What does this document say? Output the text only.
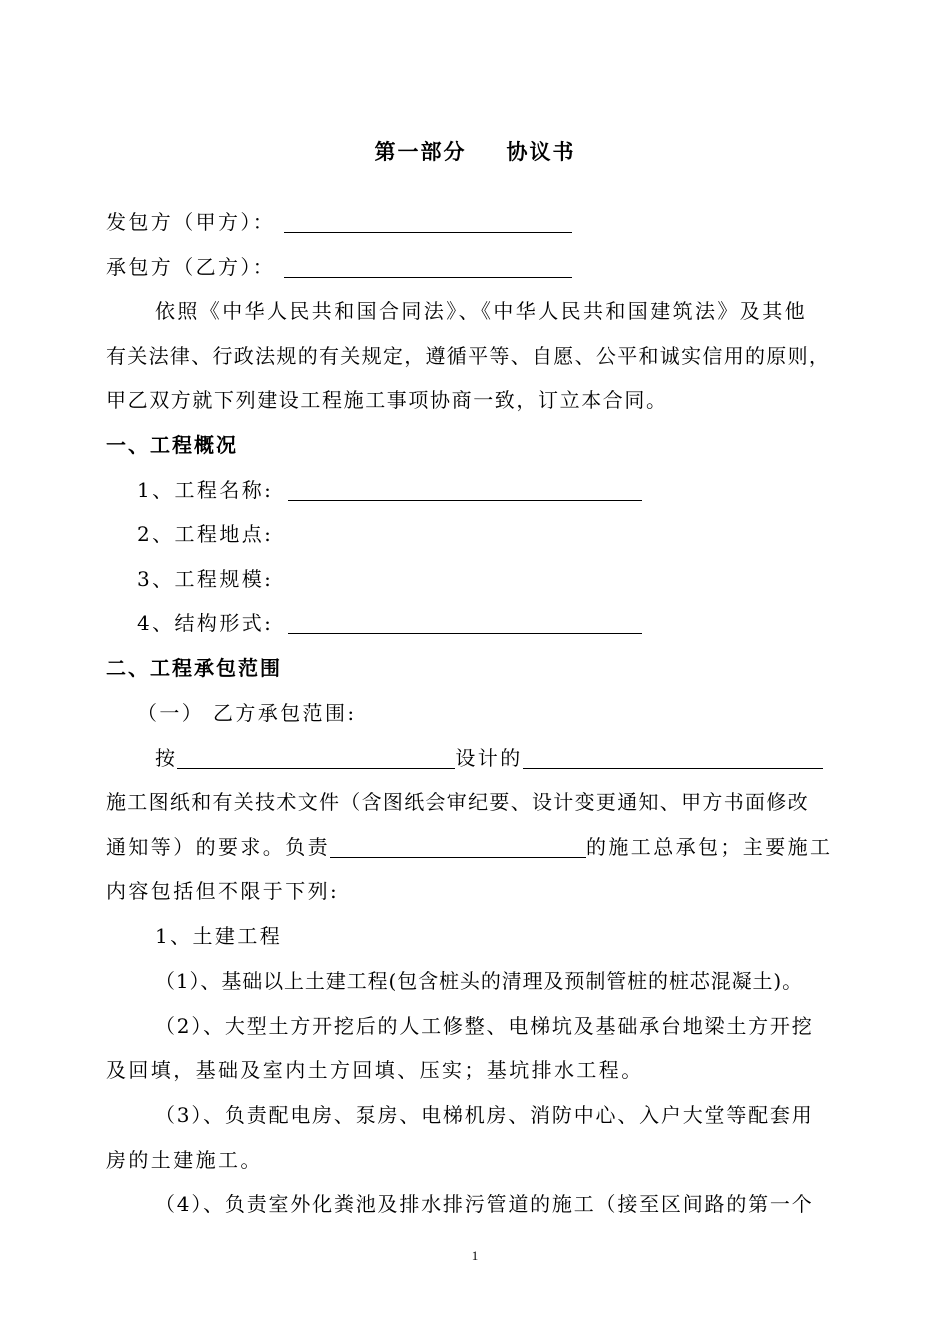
第一部分 协议书
发包方（甲方）：
承包方（乙方）：
依照《中华人民共和国合同法》、《中华人民共和国建筑法》及其他
有关法律、行政法规的有关规定，遵循平等、自愿、公平和诚实信用的原则，
甲乙双方就下列建设工程施工事项协商一致，订立本合同。
一、工程概况
1、工程名称:
2、工程地点:
3、工程规模:
4、结构形式:
二、工程承包范围
（一） 乙方承包范围:
按	设计的
施工图纸和有关技术文件（含图纸会审纪要、设计变更通知、甲方书面修改
通知等）的要求。负责	的施工总承包；主要施工
内容包括但不限于下列:
1、土建工程
（1）、基础以上土建工程(包含桩头的清理及预制管桩的桩芯混凝土)。
（2）、大型土方开挖后的人工修整、电梯坑及基础承台地梁土方开挖
及回填，基础及室内土方回填、压实；基坑排水工程。
（3）、负责配电房、泵房、电梯机房、消防中心、入户大堂等配套用
房的土建施工。
（4）、负责室外化粪池及排水排污管道的施工（接至区间路的第一个
1
